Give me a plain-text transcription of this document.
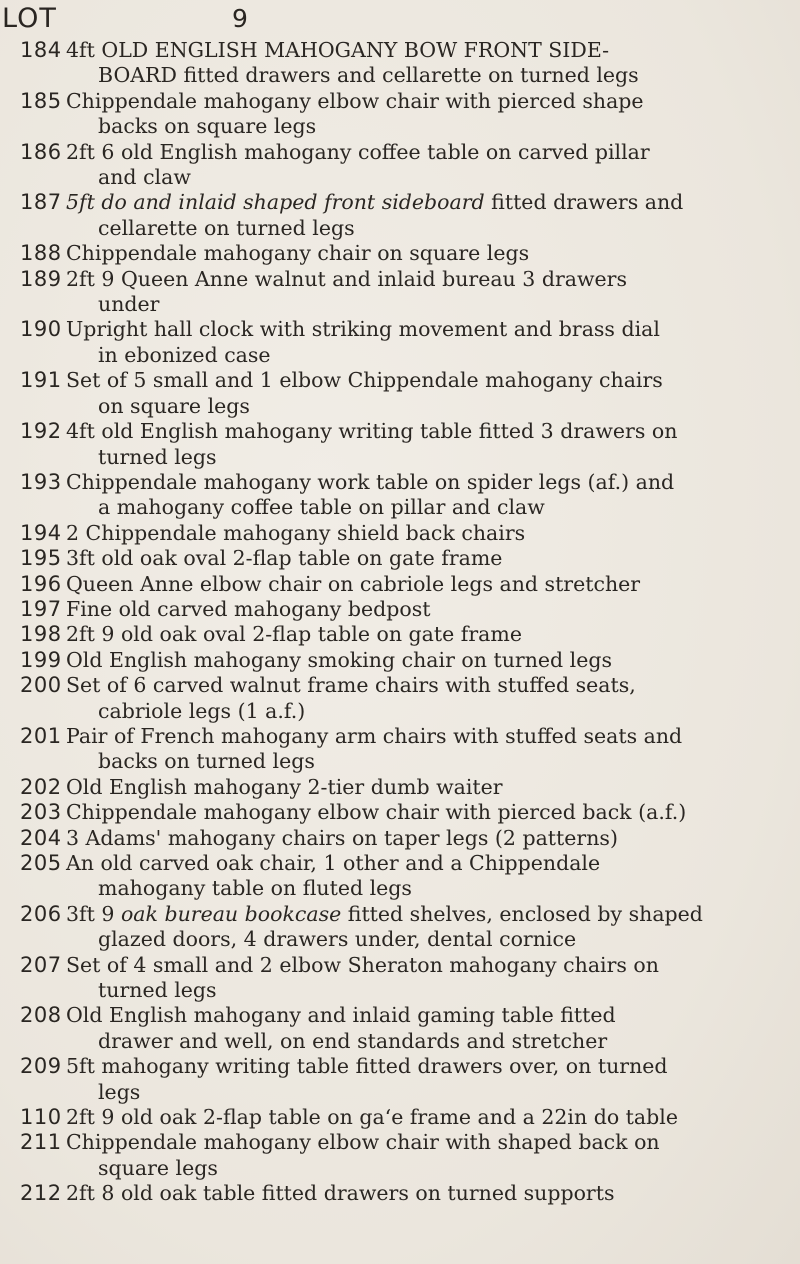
LOT	9
184 4ft OLD ENGLISH MAHOGANY BOW FRONT SIDE-
BOARD fitted drawers and cellarette on turned legs
185 Chippendale mahogany elbow chair with pierced shape
backs on square legs
186 2ft 6 old English mahogany coffee table on carved pillar
and claw
187 5ft do and inlaid shaped front sideboard fitted drawers and
cellarette on turned legs
188 Chippendale mahogany chair on square legs
189 2ft 9 Queen Anne walnut and inlaid bureau 3 drawers
under
190 Upright hall clock with striking movement and brass dial
in ebonized case
191 Set of 5 small and 1 elbow Chippendale mahogany chairs
on square legs
192 4ft old English mahogany writing table fitted 3 drawers on
turned legs
193 Chippendale mahogany work table on spider legs (af.) and
a mahogany coffee table on pillar and claw
194 2 Chippendale mahogany shield back chairs
195 3ft old oak oval 2-flap table on gate frame
196 Queen Anne elbow chair on cabriole legs and stretcher
197 Fine old carved mahogany bedpost
198 2ft 9 old oak oval 2-flap table on gate frame
199 Old English mahogany smoking chair on turned legs
200 Set of 6 carved walnut frame chairs with stuffed seats,
cabriole legs (1 a.f.)
201 Pair of French mahogany arm chairs with stuffed seats and
backs on turned legs
202 Old English mahogany 2-tier dumb waiter
203 Chippendale mahogany elbow chair with pierced back (a.f.)
204 3 Adams' mahogany chairs on taper legs (2 patterns)
205 An old carved oak chair, 1 other and a Chippendale
mahogany table on fluted legs
206 3ft 9 oak bureau bookcase fitted shelves, enclosed by shaped
glazed doors, 4 drawers under, dental cornice
207 Set of 4 small and 2 elbow Sheraton mahogany chairs on
turned legs
208 Old English mahogany and inlaid gaming table fitted
drawer and well, on end standards and stretcher
209 5ft mahogany writing table fitted drawers over, on turned
legs
110 2ft 9 old oak 2-flap table on ga‘e frame and a 22in do table
211 Chippendale mahogany elbow chair with shaped back on
square legs
212 2ft 8 old oak table fitted drawers on turned supports
